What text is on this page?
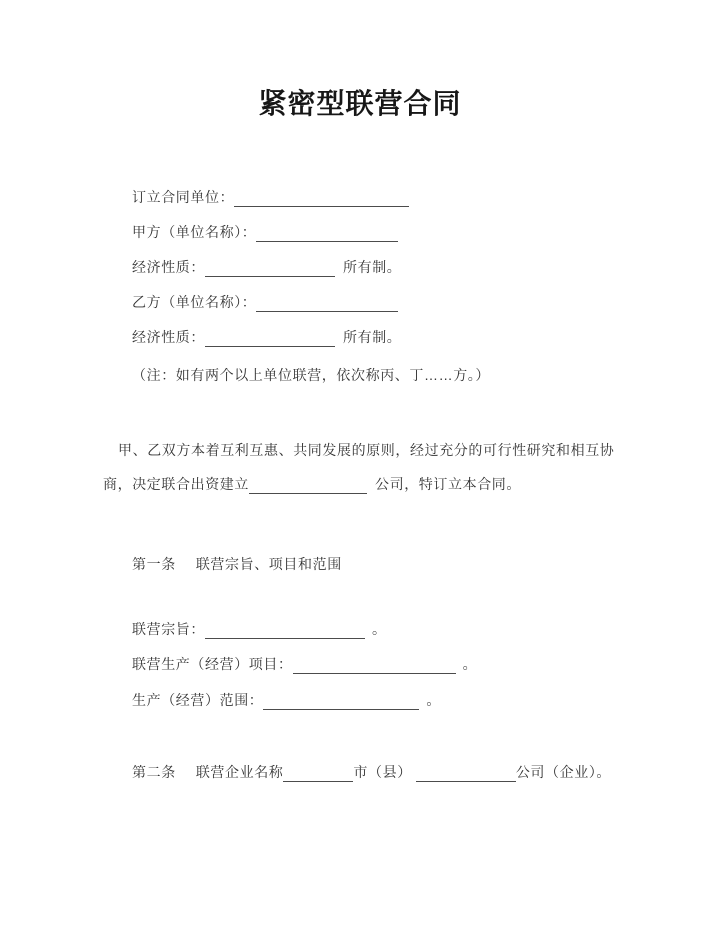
紧密型联营合同
订立合同单位：
甲方（单位名称）：
经济性质：	所有制。
乙方（单位名称）：
经济性质：	所有制。
（注：如有两个以上单位联营，依次称丙、丁……方。）
甲、乙双方本着互利互惠、共同发展的原则，经过充分的可行性研究和相互协
商，决定联合出资建立	公司，特订立本合同。
第一条 联营宗旨、项目和范围
联营宗旨：	。
联营生产（经营）项目：	。
生产（经营）范围：	。
第二条 联营企业名称	市（县）	公司（企业）。
